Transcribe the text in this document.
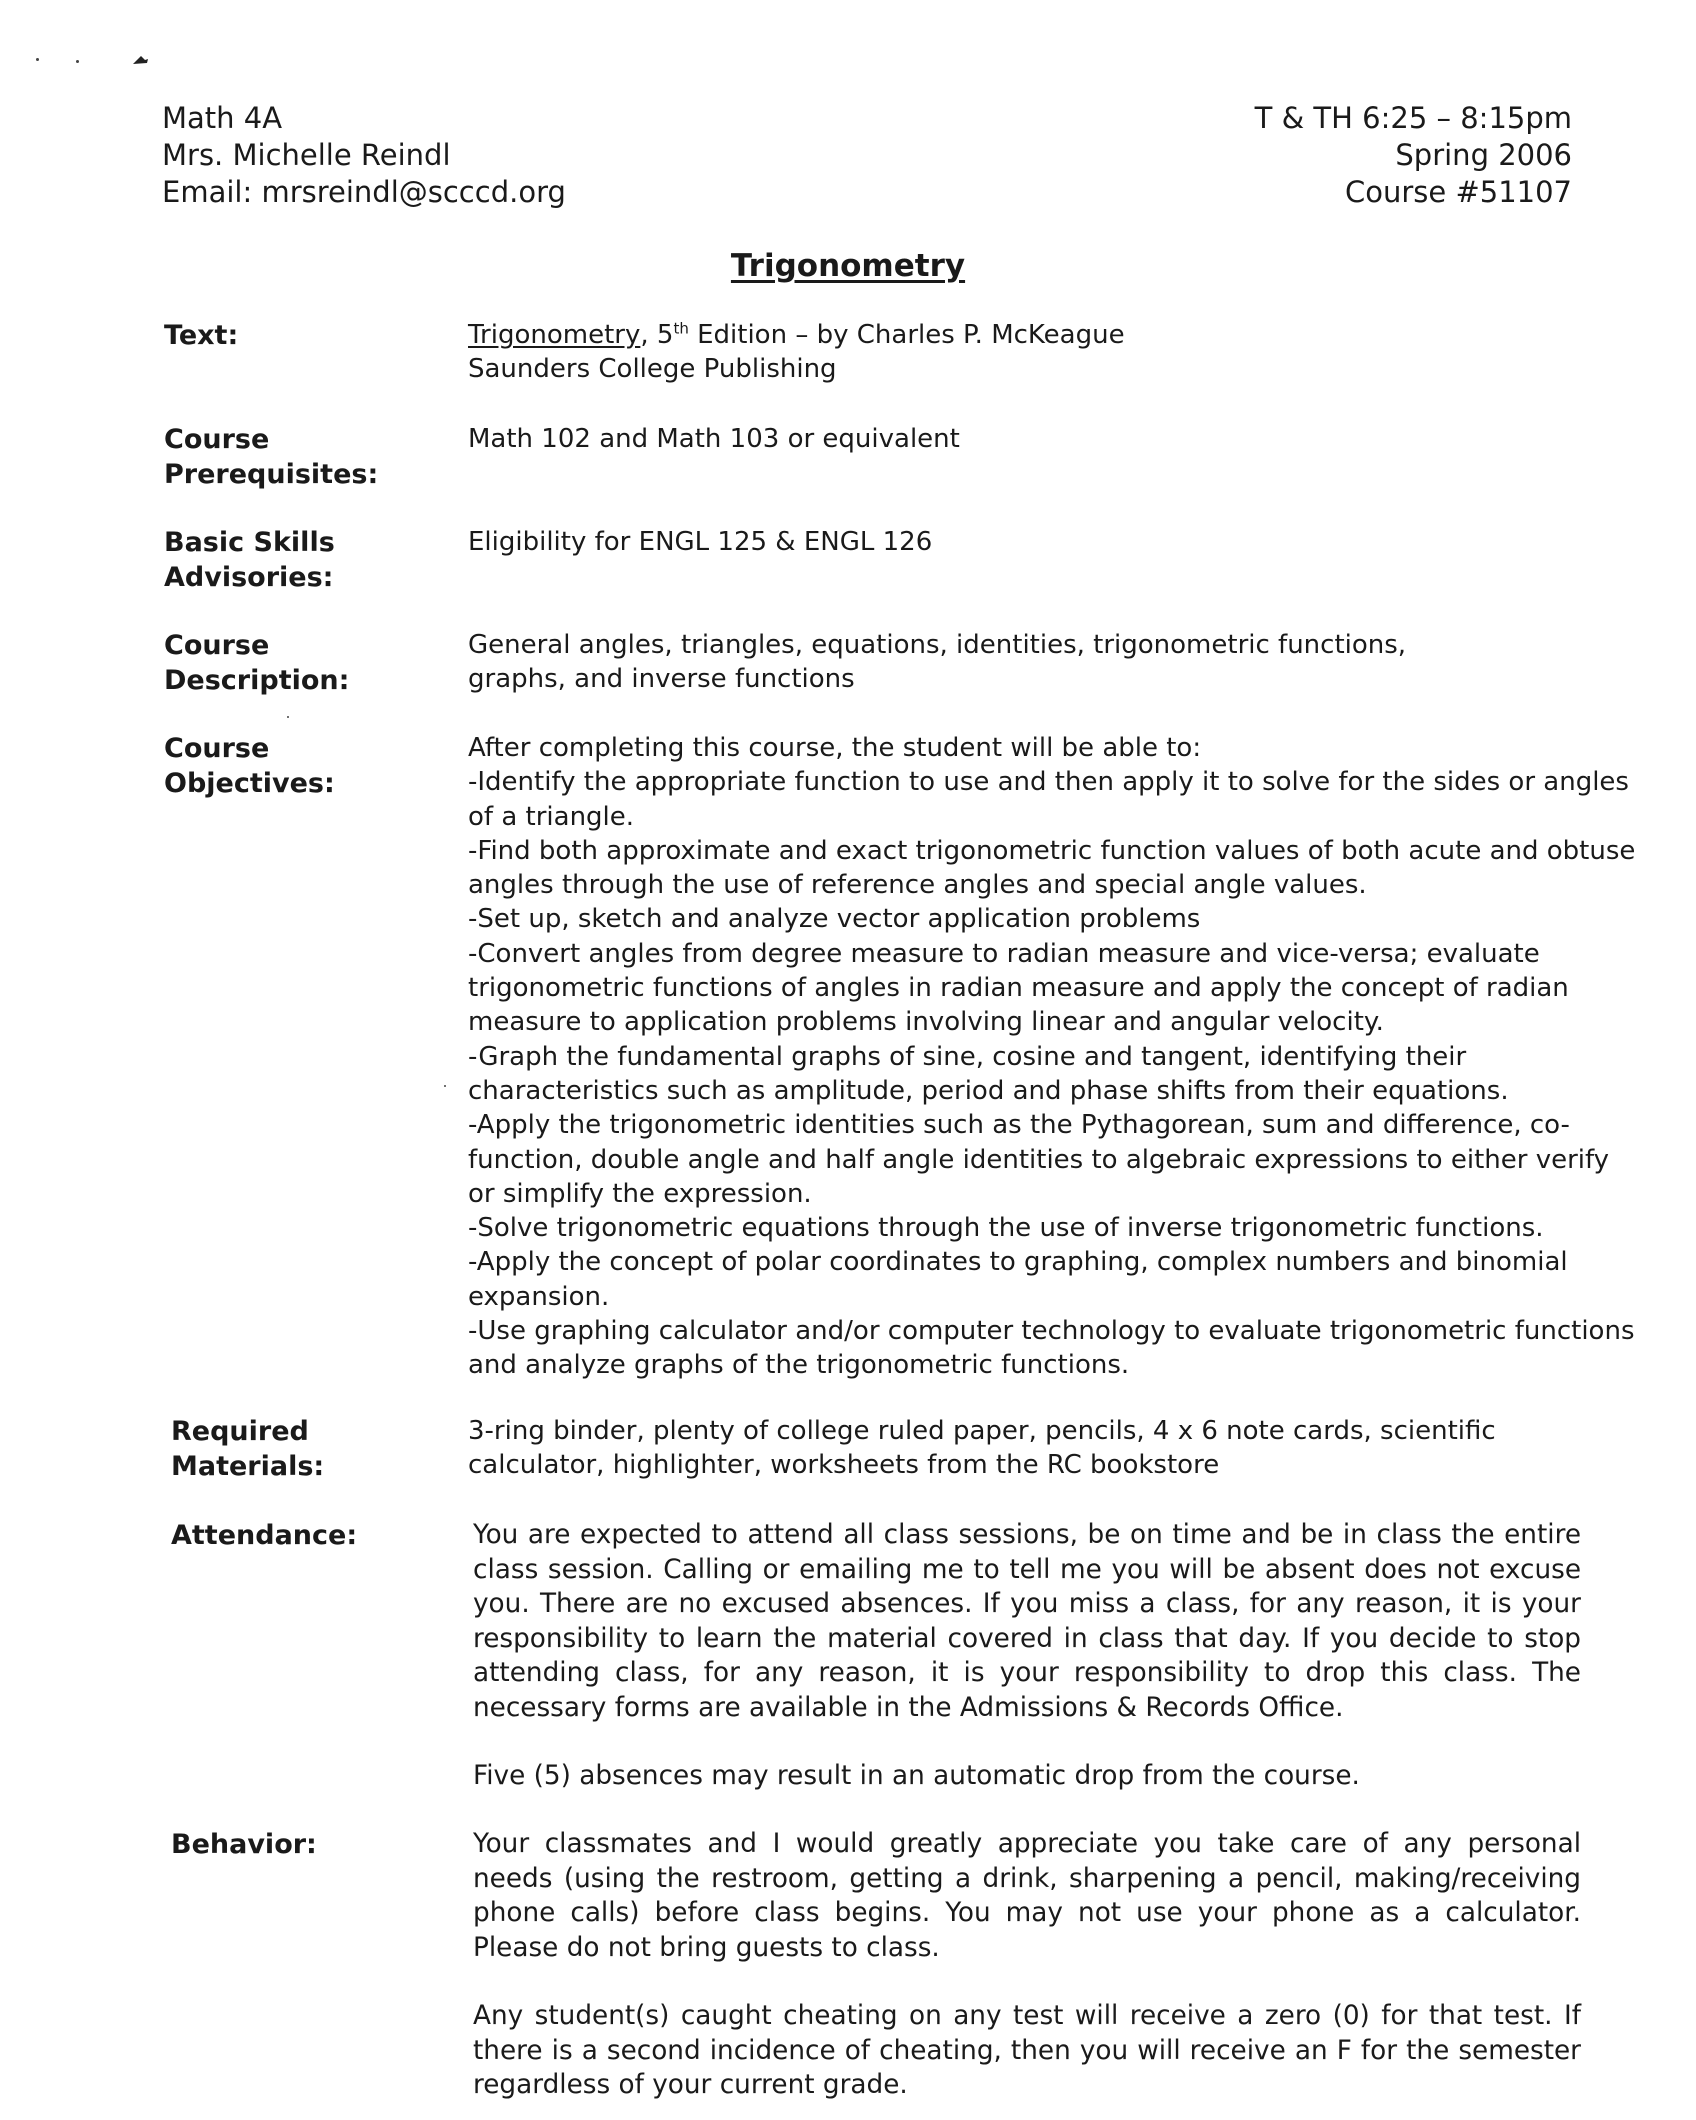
Math 4A
Mrs. Michelle Reindl
Email: mrsreindl@scccd.org
T & TH 6:25 – 8:15pm
Spring 2006
Course #51107
Trigonometry
Text:	Trigonometry, 5th Edition – by Charles P. McKeague
Saunders College Publishing
Course
Prerequisites:
Math 102 and Math 103 or equivalent
Basic Skills
Advisories:
Eligibility for ENGL 125 & ENGL 126
Course
Description:
General angles, triangles, equations, identities, trigonometric functions,
graphs, and inverse functions
Course
Objectives:
After completing this course, the student will be able to:
-Identify the appropriate function to use and then apply it to solve for the sides or angles
of a triangle.
-Find both approximate and exact trigonometric function values of both acute and obtuse
angles through the use of reference angles and special angle values.
-Set up, sketch and analyze vector application problems
-Convert angles from degree measure to radian measure and vice-versa; evaluate
trigonometric functions of angles in radian measure and apply the concept of radian
measure to application problems involving linear and angular velocity.
-Graph the fundamental graphs of sine, cosine and tangent, identifying their
characteristics such as amplitude, period and phase shifts from their equations.
-Apply the trigonometric identities such as the Pythagorean, sum and difference, co-
function, double angle and half angle identities to algebraic expressions to either verify
or simplify the expression.
-Solve trigonometric equations through the use of inverse trigonometric functions.
-Apply the concept of polar coordinates to graphing, complex numbers and binomial
expansion.
-Use graphing calculator and/or computer technology to evaluate trigonometric functions
and analyze graphs of the trigonometric functions.
Required
Materials:
3-ring binder, plenty of college ruled paper, pencils, 4 x 6 note cards, scientific
calculator, highlighter, worksheets from the RC bookstore
Attendance:	You are expected to attend all class sessions, be on time and be in class the entire class session. Calling or emailing me to tell me you will be absent does not excuse you. There are no excused absences. If you miss a class, for any reason, it is your responsibility to learn the material covered in class that day. If you decide to stop attending class, for any reason, it is your responsibility to drop this class. The necessary forms are available in the Admissions & Records Office.

Five (5) absences may result in an automatic drop from the course.

Behavior:	Your classmates and I would greatly appreciate you take care of any personal needs (using the restroom, getting a drink, sharpening a pencil, making/receiving phone calls) before class begins. You may not use your phone as a calculator. Please do not bring guests to class.

Any student(s) caught cheating on any test will receive a zero (0) for that test. If there is a second incidence of cheating, then you will receive an F for the semester regardless of your current grade.
